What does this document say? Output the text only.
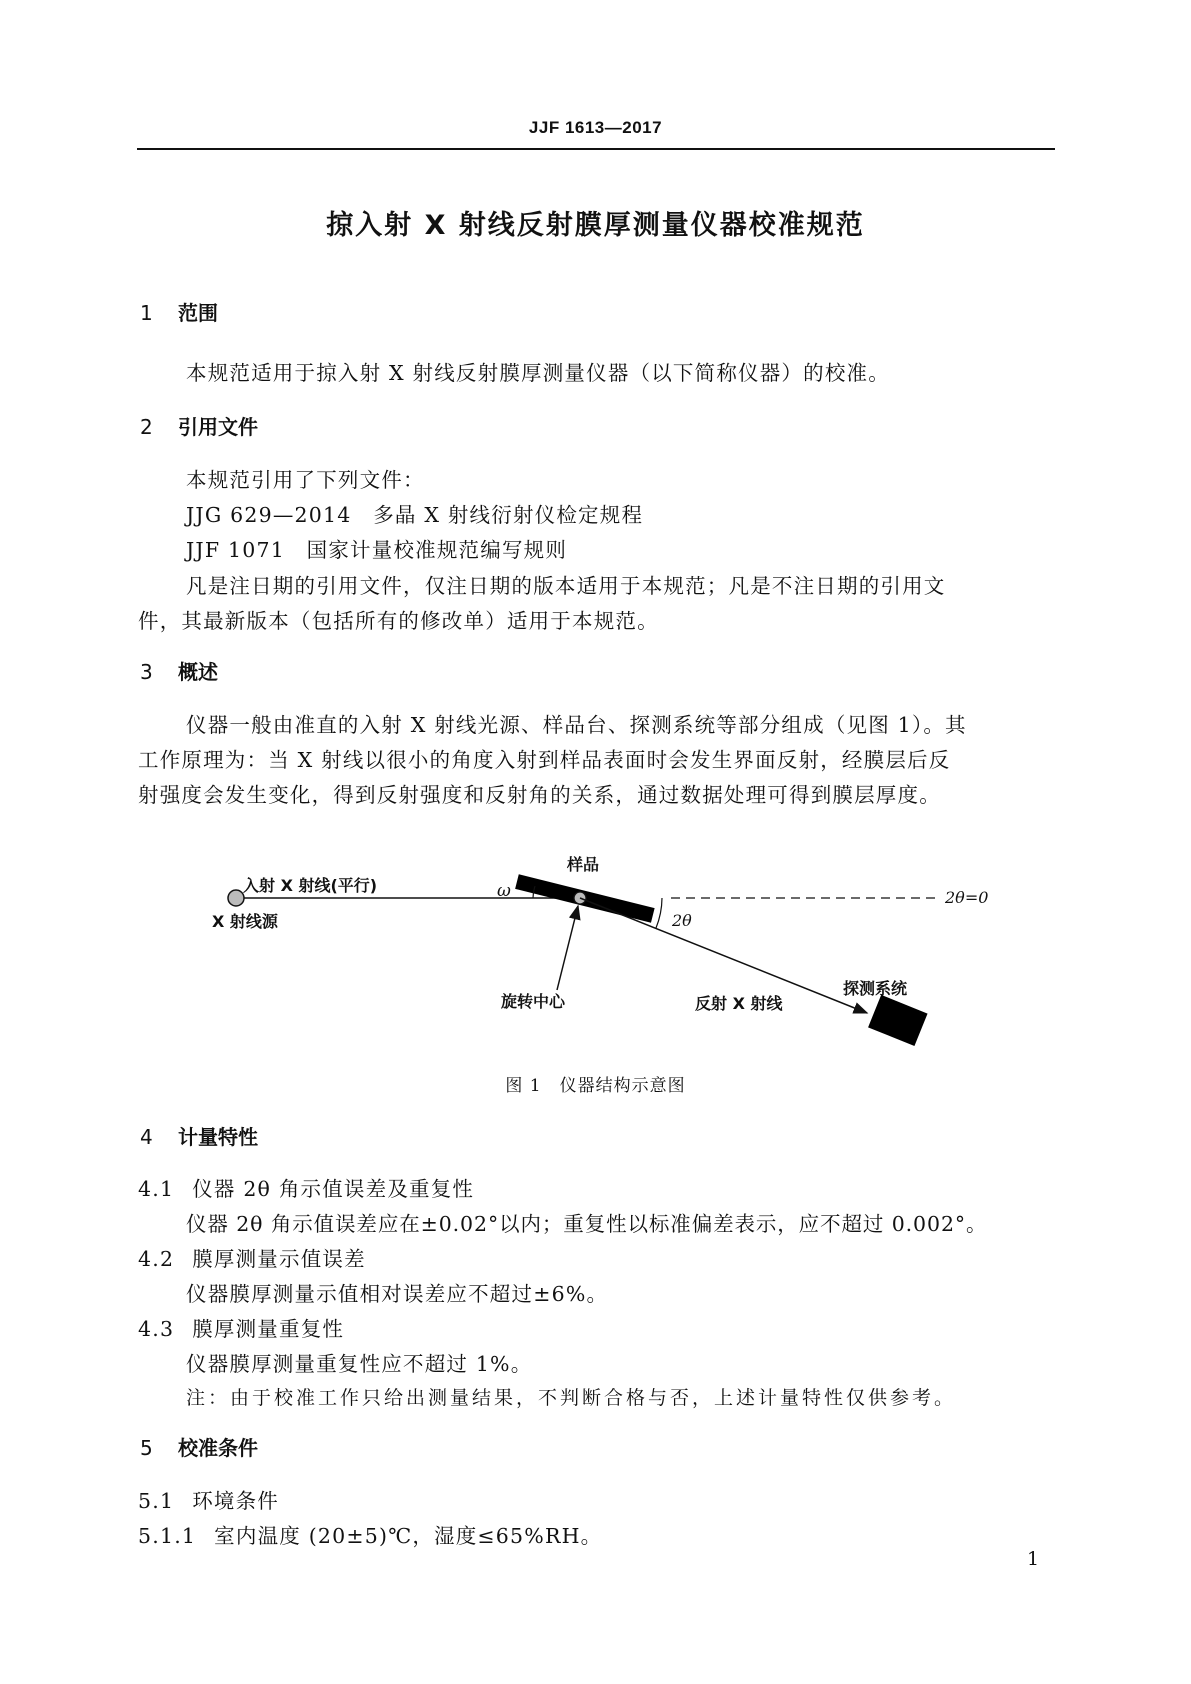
JJF 1613—2017
掠入射 X 射线反射膜厚测量仪器校准规范
1 范围
本规范适用于掠入射 X 射线反射膜厚测量仪器（以下简称仪器）的校准。
2 引用文件
本规范引用了下列文件：
JJG 629—2014　多晶 X 射线衍射仪检定规程
JJF 1071　国家计量校准规范编写规则
凡是注日期的引用文件，仅注日期的版本适用于本规范；凡是不注日期的引用文
件，其最新版本（包括所有的修改单）适用于本规范。
3 概述
仪器一般由准直的入射 X 射线光源、样品台、探测系统等部分组成（见图 1）。其
工作原理为：当 X 射线以很小的角度入射到样品表面时会发生界面反射，经膜层后反
射强度会发生变化，得到反射强度和反射角的关系，通过数据处理可得到膜层厚度。
入射 X 射线(平行)
X 射线源
ω
样品
2θ=0
2θ
旋转中心	反射 X 射线
探测系统
图 1　仪器结构示意图
4 计量特性
4.1 仪器 2θ 角示值误差及重复性
仪器 2θ 角示值误差应在±0.02°以内；重复性以标准偏差表示，应不超过 0.002°。
4.2 膜厚测量示值误差
仪器膜厚测量示值相对误差应不超过±6%。
4.3 膜厚测量重复性
仪器膜厚测量重复性应不超过 1%。
注：由于校准工作只给出测量结果，不判断合格与否，上述计量特性仅供参考。
5 校准条件
5.1 环境条件
5.1.1 室内温度 (20±5)℃，湿度≤65%RH。
1
